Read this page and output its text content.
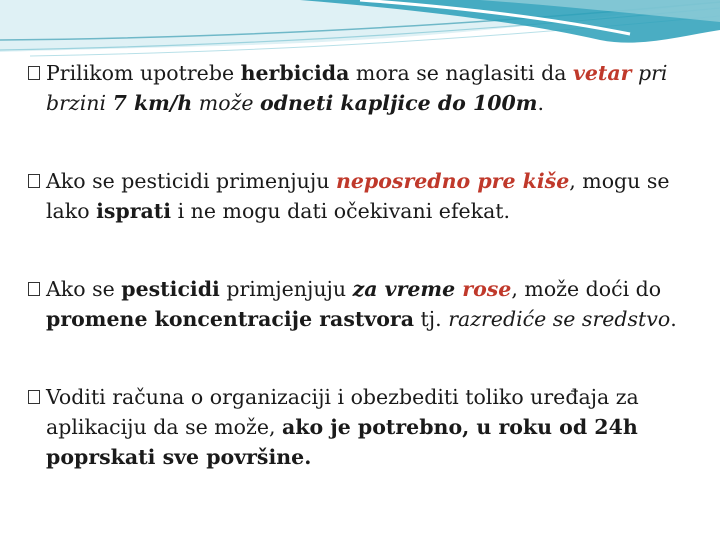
Prilikom upotrebe herbicida mora se naglasiti da vetar pri brzini 7 km/h može odneti kapljice do 100m.

Ako se pesticidi primenjuju neposredno pre kiše, mogu se lako isprati i ne mogu dati očekivani efekat.

Ako se pesticidi primjenjuju za vreme rose, može doći do promene koncentracije rastvora tj. razrediće se sredstvo.

Voditi računa o organizaciji i obezbediti toliko uređaja za aplikaciju da se može, ako je potrebno, u roku od 24h poprskati sve površine.
